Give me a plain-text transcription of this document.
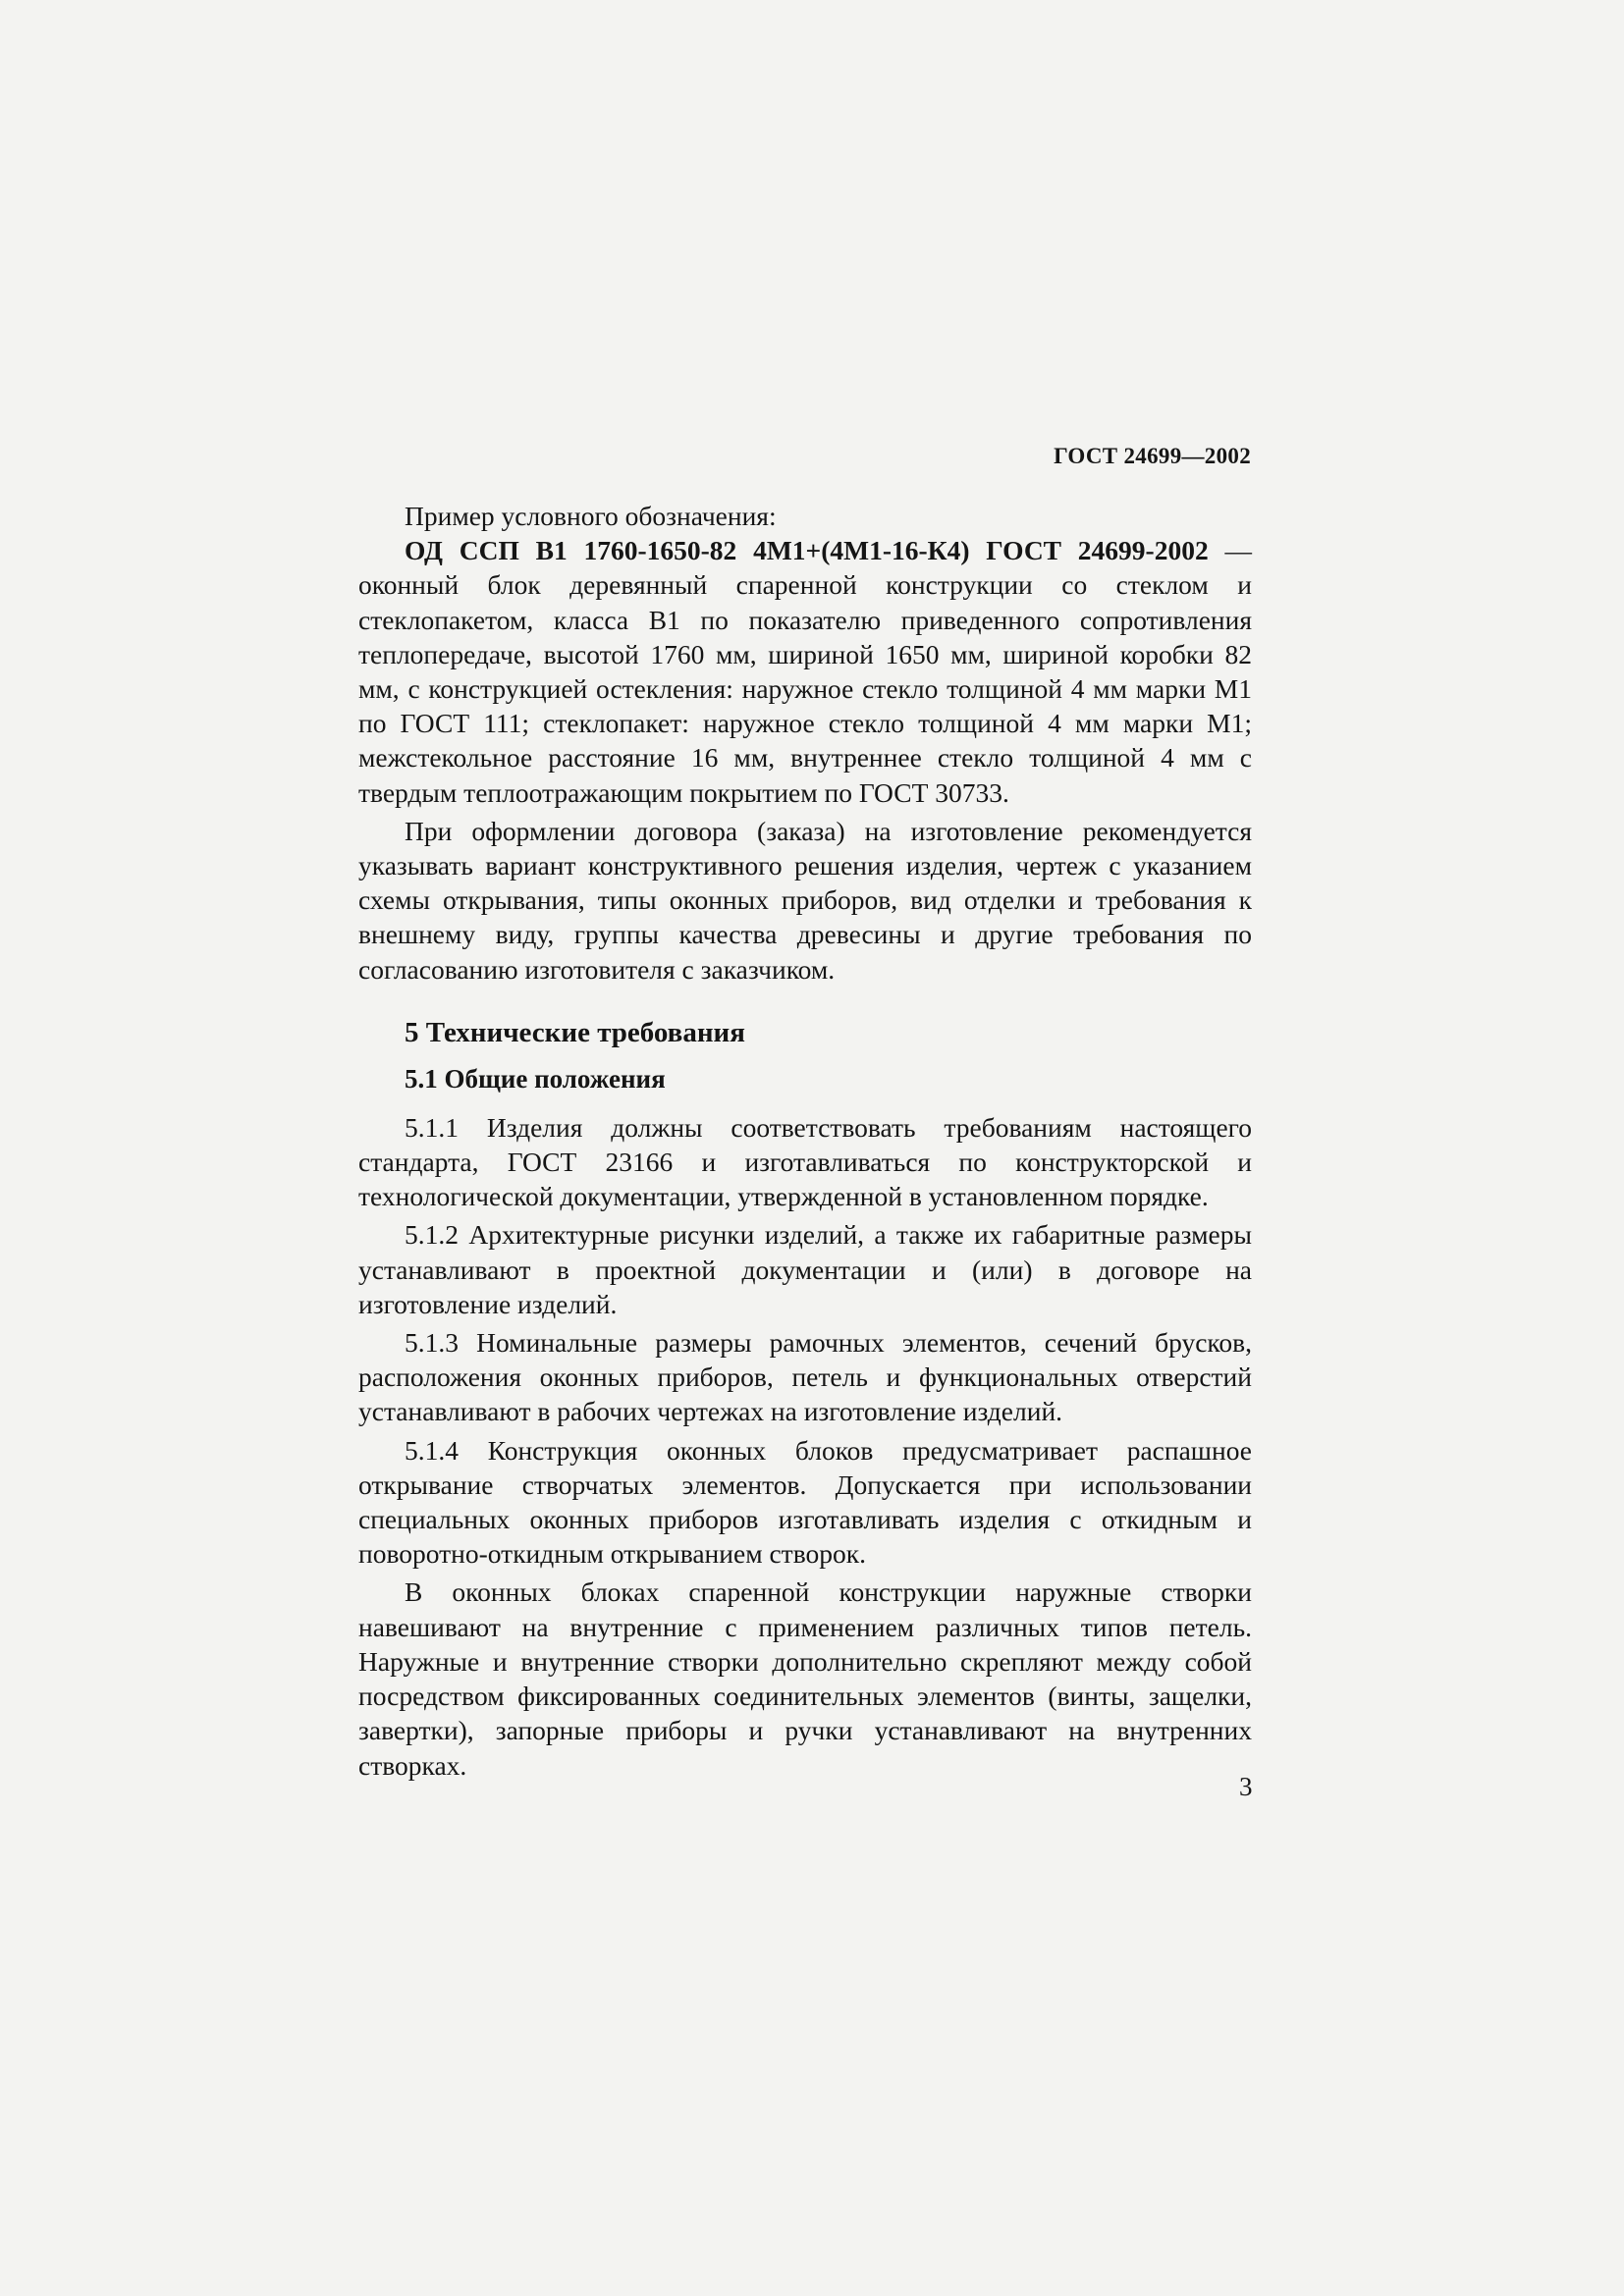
ГОСТ 24699—2002

Пример условного обозначения:

ОД ССП В1 1760-1650-82 4М1+(4М1-16-К4) ГОСТ 24699-2002 — оконный блок деревянный спаренной конструкции со стеклом и стеклопакетом, класса В1 по показателю приведенного сопротивления теплопередаче, высотой 1760 мм, шириной 1650 мм, шириной коробки 82 мм, с конструкцией остекления: наружное стекло толщиной 4 мм марки М1 по ГОСТ 111; стеклопакет: наружное стекло толщиной 4 мм марки М1; межстекольное расстояние 16 мм, внутреннее стекло толщиной 4 мм с твердым теплоотражающим покрытием по ГОСТ 30733.

При оформлении договора (заказа) на изготовление рекомендуется указывать вариант конструктивного решения изделия, чертеж с указанием схемы открывания, типы оконных приборов, вид отделки и требования к внешнему виду, группы качества древесины и другие требования по согласованию изготовителя с заказчиком.

5 Технические требования
5.1 Общие положения

5.1.1 Изделия должны соответствовать требованиям настоящего стандарта, ГОСТ 23166 и изготавливаться по конструкторской и технологической документации, утвержденной в установленном порядке.

5.1.2 Архитектурные рисунки изделий, а также их габаритные размеры устанавливают в проектной документации и (или) в договоре на изготовление изделий.

5.1.3 Номинальные размеры рамочных элементов, сечений брусков, расположения оконных приборов, петель и функциональных отверстий устанавливают в рабочих чертежах на изготовление изделий.

5.1.4 Конструкция оконных блоков предусматривает распашное открывание створчатых элементов. Допускается при использовании специальных оконных приборов изготавливать изделия с откидным и поворотно-откидным открыванием створок.

В оконных блоках спаренной конструкции наружные створки навешивают на внутренние с применением различных типов петель. Наружные и внутренние створки дополнительно скрепляют между собой посредством фиксированных соединительных элементов (винты, защелки, завертки), запорные приборы и ручки устанавливают на внутренних створках.

3
